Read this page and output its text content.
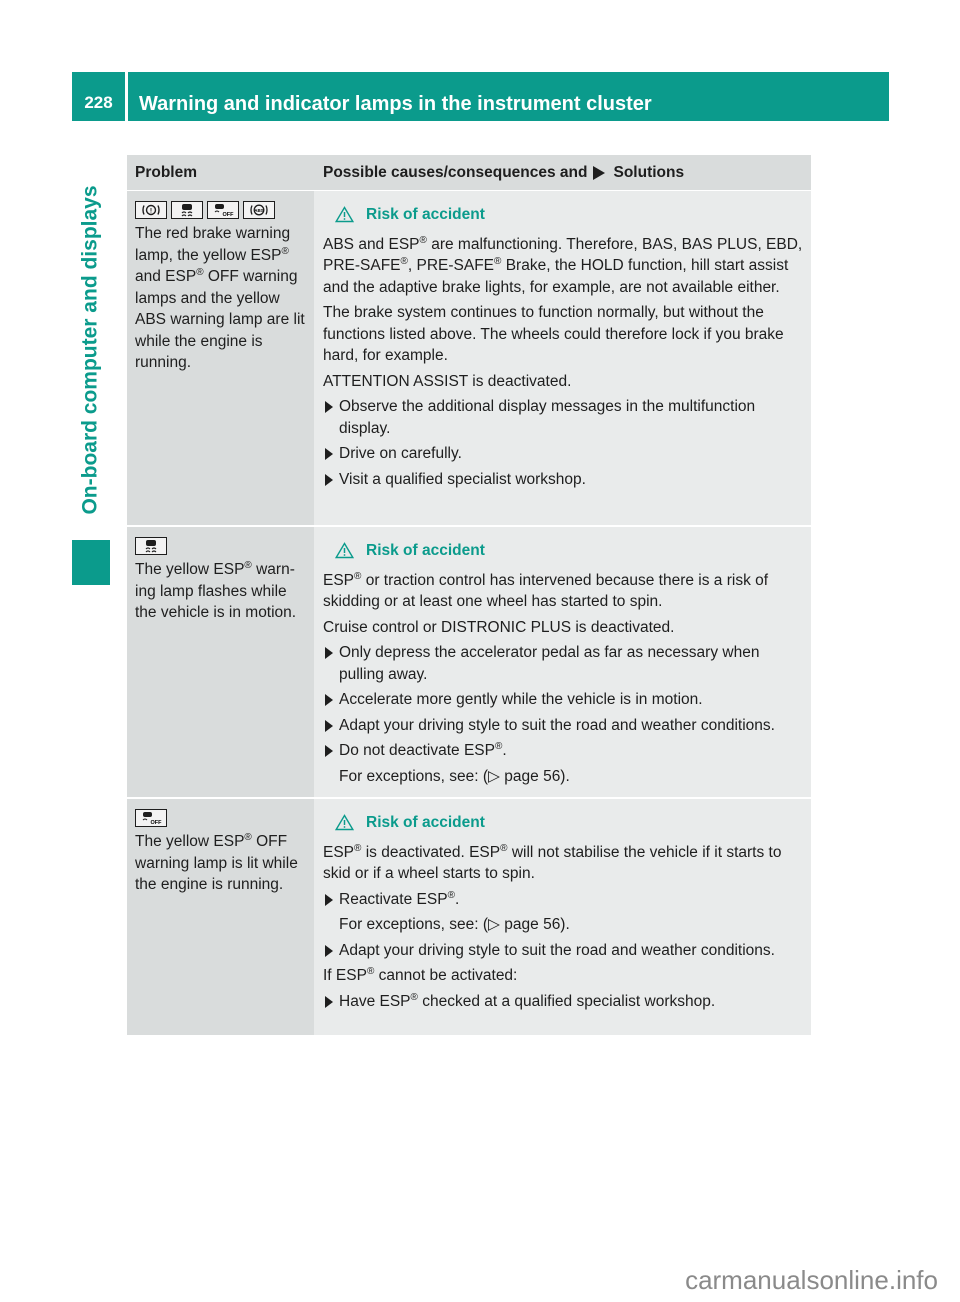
228	Warning and indicator lamps in the instrument cluster
On-board computer and displays
Problem	Possible causes/consequences and Solutions
!
OFF
ABS
The red brake warning lamp, the yellow ESP® and ESP® OFF warning lamps and the yellow ABS warning lamp are lit while the engine is running.
Risk of accident
ABS and ESP® are malfunctioning. Therefore, BAS, BAS PLUS, EBD, PRE-SAFE®, PRE-SAFE® Brake, the HOLD function, hill start assist and the adaptive brake lights, for example, are not available either.
The brake system continues to function normally, but without the functions listed above. The wheels could therefore lock if you brake hard, for example.
ATTENTION ASSIST is deactivated.
Observe the additional display messages in the multifunction display.
Drive on carefully.
Visit a qualified specialist workshop.
The yellow ESP® warn-ing lamp flashes while the vehicle is in motion.
Risk of accident
ESP® or traction control has intervened because there is a risk of skidding or at least one wheel has started to spin.
Cruise control or DISTRONIC PLUS is deactivated.
Only depress the accelerator pedal as far as necessary when pulling away.
Accelerate more gently while the vehicle is in motion.
Adapt your driving style to suit the road and weather conditions.
Do not deactivate ESP®.
For exceptions, see: (▷ page 56).
OFF
The yellow ESP® OFF warning lamp is lit while the engine is running.
Risk of accident
ESP® is deactivated. ESP® will not stabilise the vehicle if it starts to skid or if a wheel starts to spin.
Reactivate ESP®.
For exceptions, see: (▷ page 56).
Adapt your driving style to suit the road and weather conditions.
If ESP® cannot be activated:
Have ESP® checked at a qualified specialist workshop.
carmanualsonline.info
